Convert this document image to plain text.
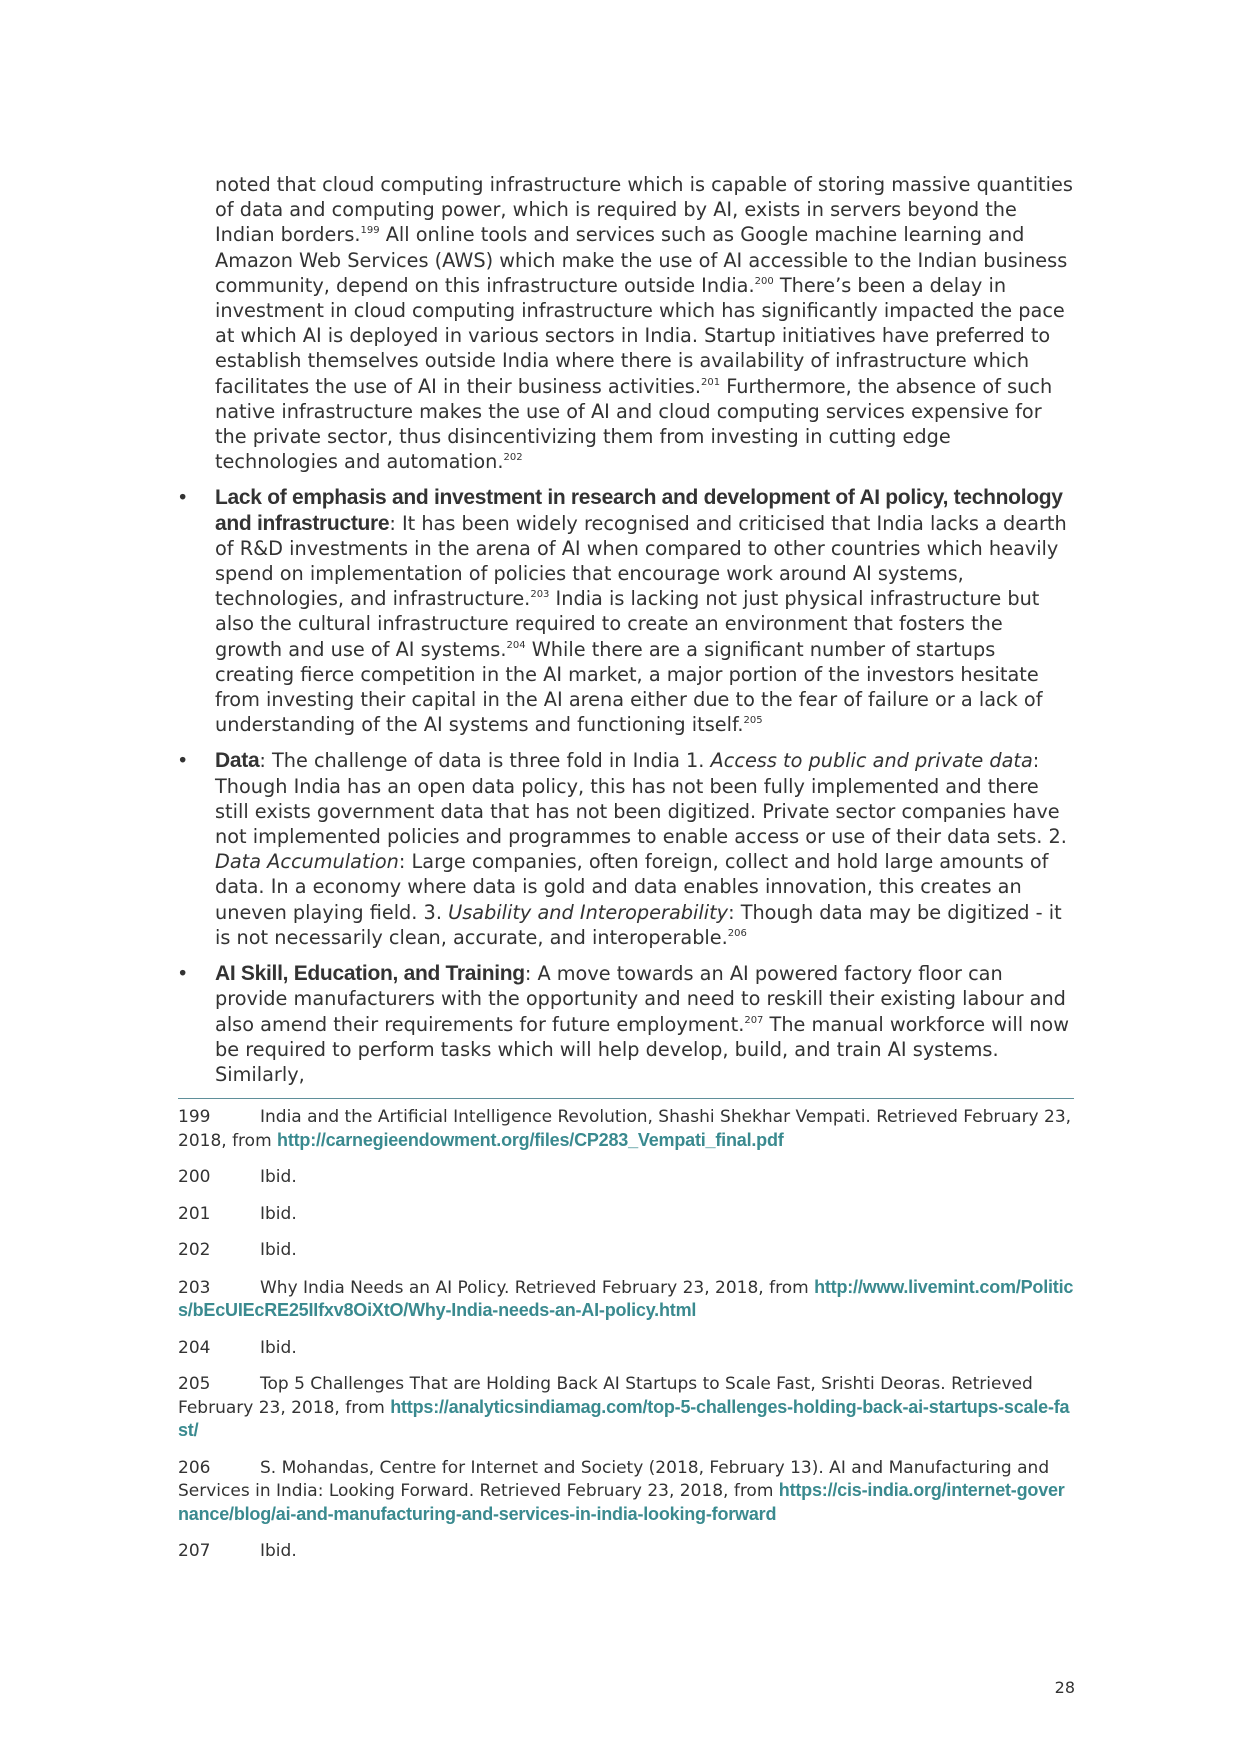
noted that cloud computing infrastructure which is capable of storing massive quantities of data and computing power, which is required by AI, exists in servers beyond the Indian borders.$^{199}$ All online tools and services such as Google machine learning and Amazon Web Services (AWS) which make the use of AI accessible to the Indian business community, depend on this infrastructure outside India.$^{200}$ There’s been a delay in investment in cloud computing infrastructure which has significantly impacted the pace at which AI is deployed in various sectors in India. Startup initiatives have preferred to establish themselves outside India where there is availability of infrastructure which facilitates the use of AI in their business activities.$^{201}$ Furthermore, the absence of such native infrastructure makes the use of AI and cloud computing services expensive for the private sector, thus disincentivizing them from investing in cutting edge technologies and automation.$^{202}$

• Lack of emphasis and investment in research and development of AI policy, technology and infrastructure: It has been widely recognised and criticised that India lacks a dearth of R&D investments in the arena of AI when compared to other countries which heavily spend on implementation of policies that encourage work around AI systems, technologies, and infrastructure.$^{203}$ India is lacking not just physical infrastructure but also the cultural infrastructure required to create an environment that fosters the growth and use of AI systems.$^{204}$ While there are a significant number of startups creating fierce competition in the AI market, a major portion of the investors hesitate from investing their capital in the AI arena either due to the fear of failure or a lack of understanding of the AI systems and functioning itself.$^{205}$
• Data: The challenge of data is three fold in India 1. Access to public and private data: Though India has an open data policy, this has not been fully implemented and there still exists government data that has not been digitized. Private sector companies have not implemented policies and programmes to enable access or use of their data sets. 2. Data Accumulation: Large companies, often foreign, collect and hold large amounts of data. In a economy where data is gold and data enables innovation, this creates an uneven playing field. 3. Usability and Interoperability: Though data may be digitized - it is not necessarily clean, accurate, and interoperable.$^{206}$
• AI Skill, Education, and Training: A move towards an AI powered factory floor can provide manufacturers with the opportunity and need to reskill their existing labour and also amend their requirements for future employment.$^{207}$ The manual workforce will now be required to perform tasks which will help develop, build, and train AI systems. Similarly,

199	India and the Artificial Intelligence Revolution, Shashi Shekhar Vempati. Retrieved February 23, 2018, from http://carnegieendowment.org/files/CP283_Vempati_final.pdf

200	Ibid.

201	Ibid.

202	Ibid.

203	Why India Needs an AI Policy. Retrieved February 23, 2018, from http://www.livemint.com/Politics/bEcUIEcRE25IIfxv8OiXtO/Why-India-needs-an-AI-policy.html

204	Ibid.

205	Top 5 Challenges That are Holding Back AI Startups to Scale Fast, Srishti Deoras. Retrieved February 23, 2018, from https://analyticsindiamag.com/top-5-challenges-holding-back-ai-startups-scale-fast/

206	S. Mohandas, Centre for Internet and Society (2018, February 13). AI and Manufacturing and Services in India: Looking Forward. Retrieved February 23, 2018, from https://cis-india.org/internet-governance/blog/ai-and-manufacturing-and-services-in-india-looking-forward

207	Ibid.

28
